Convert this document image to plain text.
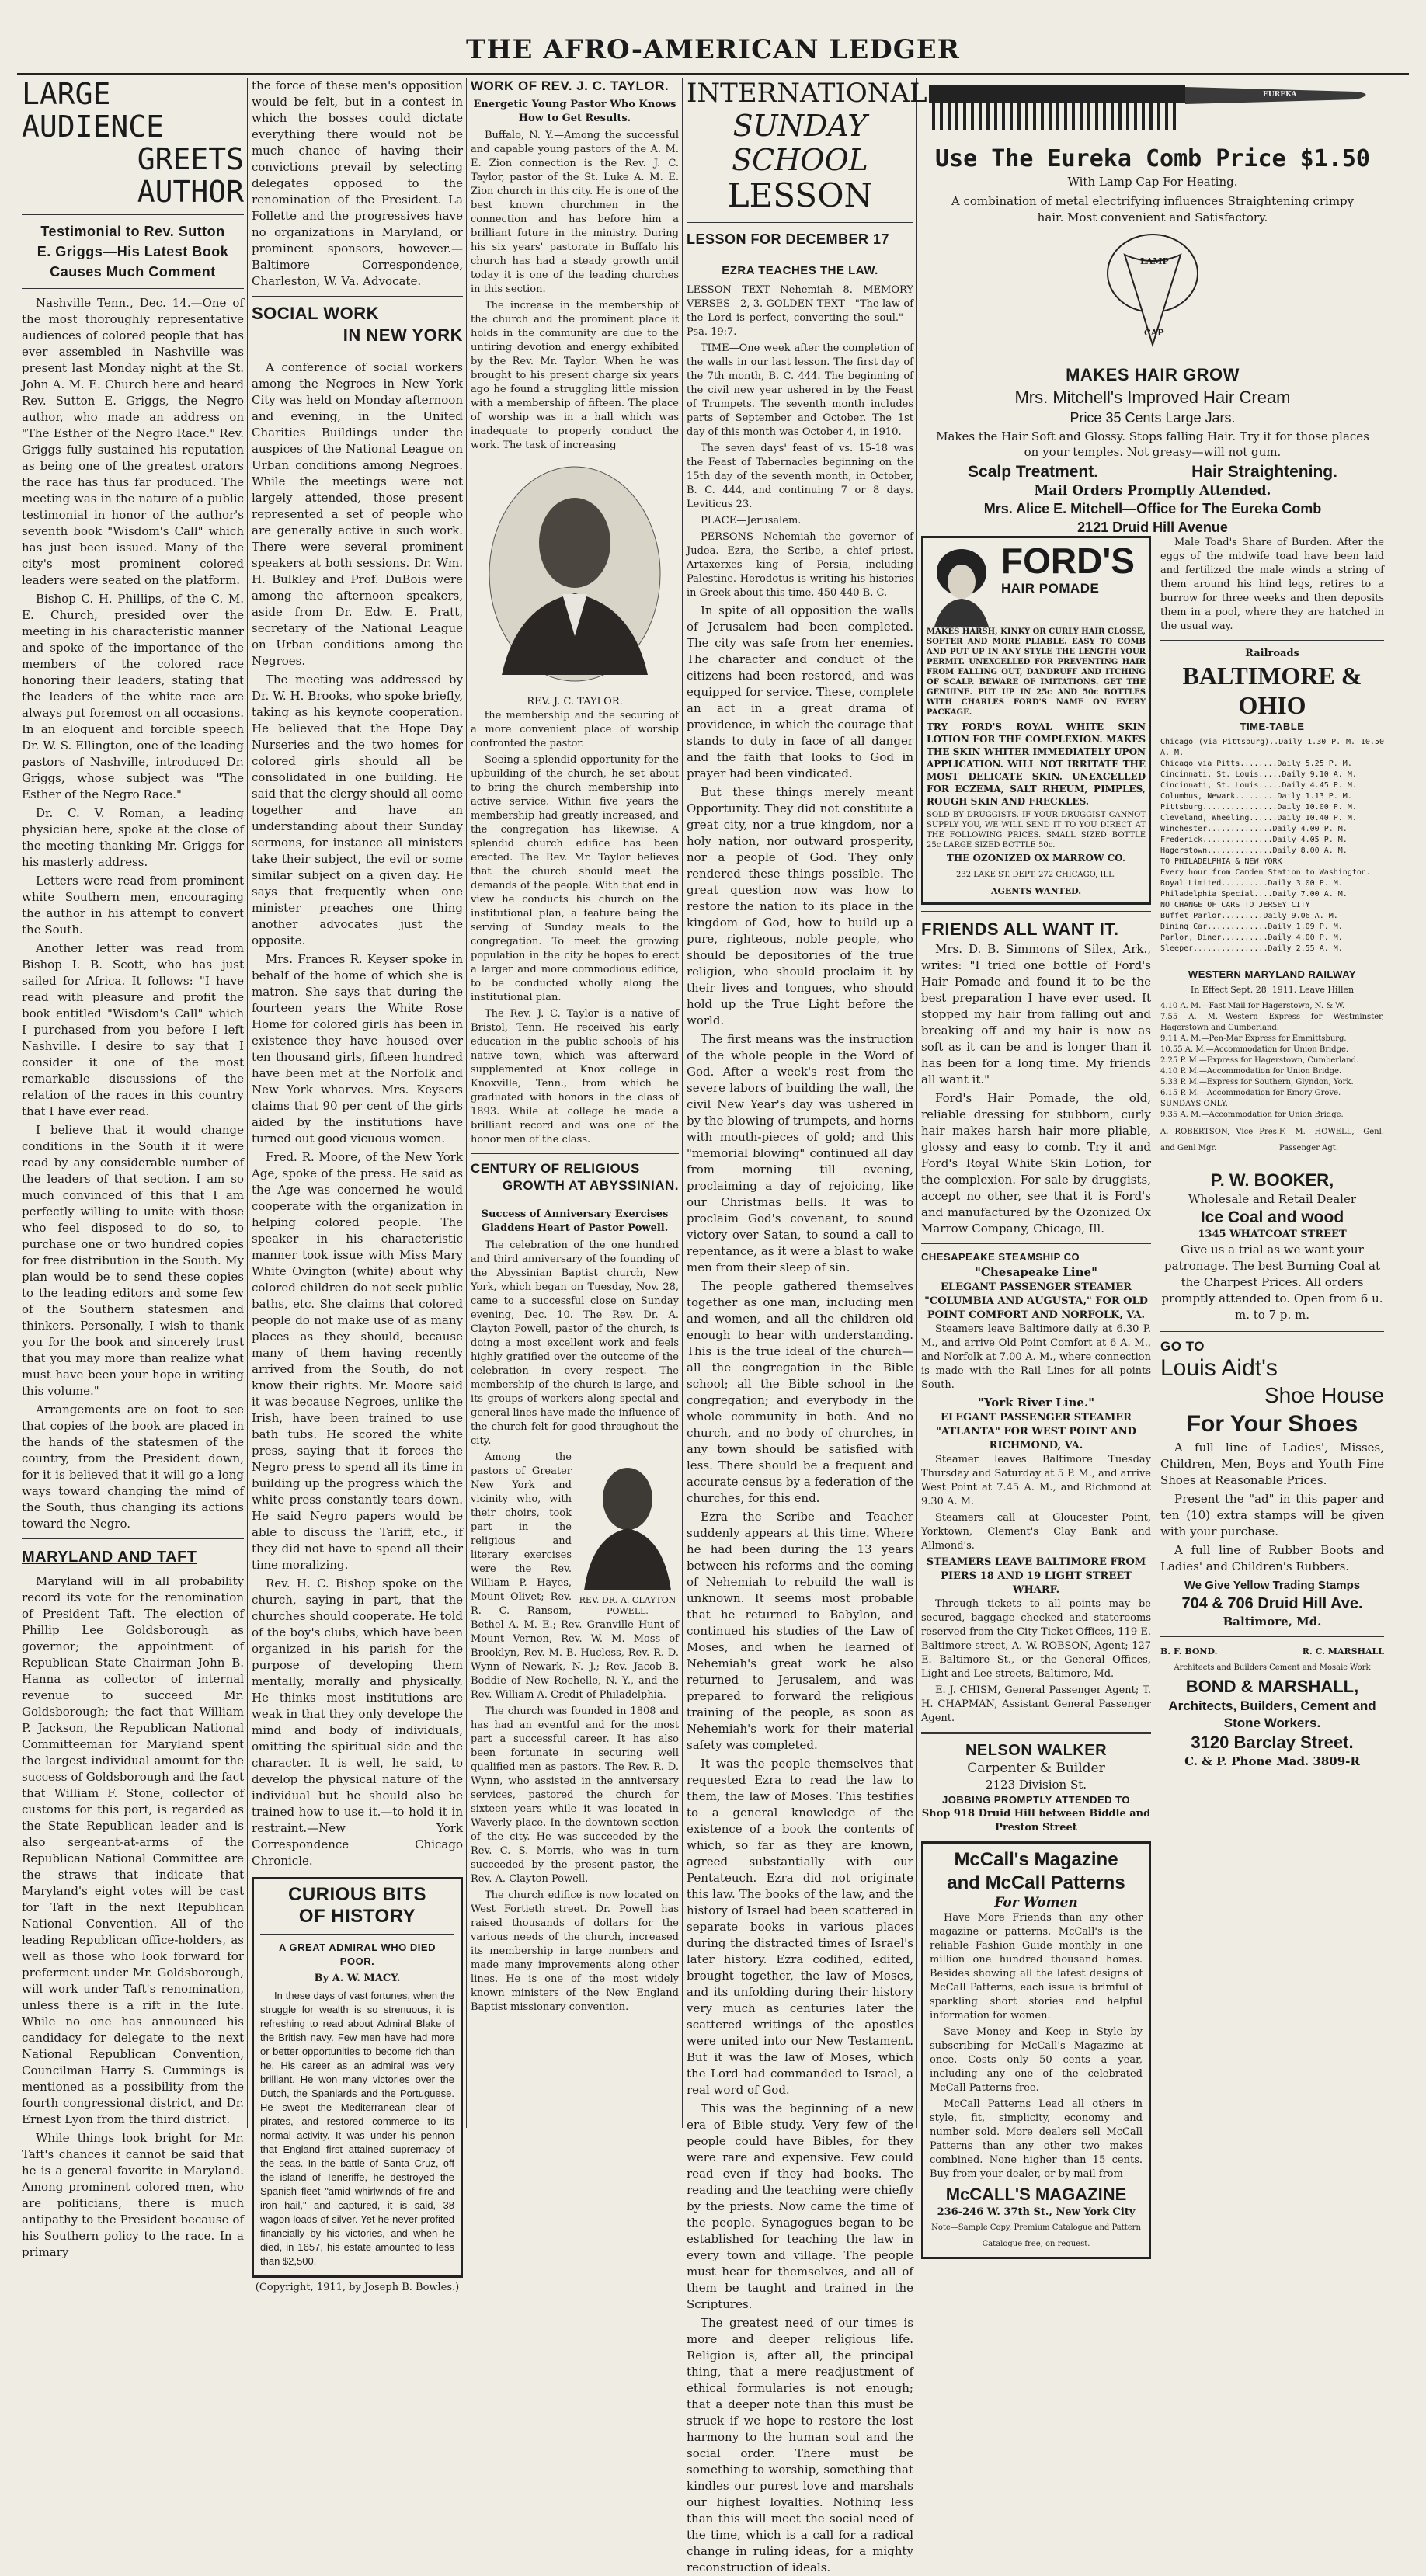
THE AFRO-AMERICAN LEDGER
LARGE AUDIENCE
GREETS AUTHOR
Testimonial to Rev. Sutton E. Griggs—His Latest Book Causes Much Comment

Nashville Tenn., Dec. 14.—One of the most thoroughly representative audiences of colored people that has ever assembled in Nashville was present last Monday night at the St. John A. M. E. Church here and heard Rev. Sutton E. Griggs, the Negro author, who made an address on "The Esther of the Negro Race." Rev. Griggs fully sustained his reputation as being one of the greatest orators the race has thus far produced. The meeting was in the nature of a public testimonial in honor of the author's seventh book "Wisdom's Call" which has just been issued. Many of the city's most prominent colored leaders were seated on the platform.

Bishop C. H. Phillips, of the C. M. E. Church, presided over the meeting in his characteristic manner and spoke of the importance of the members of the colored race honoring their leaders, stating that the leaders of the white race are always put foremost on all occasions. In an eloquent and forcible speech Dr. W. S. Ellington, one of the leading pastors of Nashville, introduced Dr. Griggs, whose subject was "The Esther of the Negro Race."

Dr. C. V. Roman, a leading physician here, spoke at the close of the meeting thanking Mr. Griggs for his masterly address.

Letters were read from prominent white Southern men, encouraging the author in his attempt to convert the South.

Another letter was read from Bishop I. B. Scott, who has just sailed for Africa. It follows: "I have read with pleasure and profit the book entitled "Wisdom's Call" which I purchased from you before I left Nashville. I desire to say that I consider it one of the most remarkable discussions of the relation of the races in this country that I have ever read.

I believe that it would change conditions in the South if it were read by any considerable number of the leaders of that section. I am so much convinced of this that I am perfectly willing to unite with those who feel disposed to do so, to purchase one or two hundred copies for free distribution in the South. My plan would be to send these copies to the leading editors and some few of the Southern statesmen and thinkers. Personally, I wish to thank you for the book and sincerely trust that you may more than realize what must have been your hope in writing this volume."

Arrangements are on foot to see that copies of the book are placed in the hands of the statesmen of the country, from the President down, for it is believed that it will go a long ways toward changing the mind of the South, thus changing its actions toward the Negro.

MARYLAND AND TAFT

Maryland will in all probability record its vote for the renomination of President Taft. The election of Phillip Lee Goldsborough as governor; the appointment of Republican State Chairman John B. Hanna as collector of internal revenue to succeed Mr. Goldsborough; the fact that William P. Jackson, the Republican National Committeeman for Maryland spent the largest individual amount for the success of Goldsborough and the fact that William F. Stone, collector of customs for this port, is regarded as the State Republican leader and is also sergeant-at-arms of the Republican National Committee are the straws that indicate that Maryland's eight votes will be cast for Taft in the next Republican National Convention. All of the leading Republican office-holders, as well as those who look forward for preferment under Mr. Goldsborough, will work under Taft's renomination, unless there is a rift in the lute. While no one has announced his candidacy for delegate to the next National Republican Convention, Councilman Harry S. Cummings is mentioned as a possibility from the fourth congressional district, and Dr. Ernest Lyon from the third district.

While things look bright for Mr. Taft's chances it cannot be said that he is a general favorite in Maryland. Among prominent colored men, who are politicians, there is much antipathy to the President because of his Southern policy to the race. In a primary

the force of these men's opposition would be felt, but in a contest in which the bosses could dictate everything there would not be much chance of having their convictions prevail by selecting delegates opposed to the renomination of the President. La Follette and the progressives have no organizations in Maryland, or prominent sponsors, however.—Baltimore Correspondence, Charleston, W. Va. Advocate.

SOCIAL WORK
IN NEW YORK

A conference of social workers among the Negroes in New York City was held on Monday afternoon and evening, in the United Charities Buildings under the auspices of the National League on Urban conditions among Negroes. While the meetings were not largely attended, those present represented a set of people who are generally active in such work. There were several prominent speakers at both sessions. Dr. Wm. H. Bulkley and Prof. DuBois were among the afternoon speakers, aside from Dr. Edw. E. Pratt, secretary of the National League on Urban conditions among the Negroes.

The meeting was addressed by Dr. W. H. Brooks, who spoke briefly, taking as his keynote cooperation. He believed that the Hope Day Nurseries and the two homes for colored girls should all be consolidated in one building. He said that the clergy should all come together and have an understanding about their Sunday sermons, for instance all ministers take their subject, the evil or some similar subject on a given day. He says that frequently when one minister preaches one thing another advocates just the opposite.

Mrs. Frances R. Keyser spoke in behalf of the home of which she is matron. She says that during the fourteen years the White Rose Home for colored girls has been in existence they have housed over ten thousand girls, fifteen hundred have been met at the Norfolk and New York wharves. Mrs. Keysers claims that 90 per cent of the girls aided by the institutions have turned out good vicuous women.

Fred. R. Moore, of the New York Age, spoke of the press. He said as the Age was concerned he would cooperate with the organization in helping colored people. The speaker in his characteristic manner took issue with Miss Mary White Ovington (white) about why colored children do not seek public baths, etc. She claims that colored people do not make use of as many places as they should, because many of them having recently arrived from the South, do not know their rights. Mr. Moore said it was because Negroes, unlike the Irish, have been trained to use bath tubs. He scored the white press, saying that it forces the Negro press to spend all its time in building up the progress which the white press constantly tears down. He said Negro papers would be able to discuss the Tariff, etc., if they did not have to spend all their time moralizing.

Rev. H. C. Bishop spoke on the church, saying in part, that the churches should cooperate. He told of the boy's clubs, which have been organized in his parish for the purpose of developing them mentally, morally and physically. He thinks most institutions are weak in that they only develope the mind and body of individuals, omitting the spiritual side and the character. It is well, he said, to develop the physical nature of the individual but he should also be trained how to use it.—to hold it in restraint.—New York Correspondence Chicago Chronicle.

CURIOUS BITS
OF HISTORY
A GREAT ADMIRAL WHO DIED POOR.
By A. W. MACY.

In these days of vast fortunes, when the struggle for wealth is so strenuous, it is refreshing to read about Admiral Blake of the British navy. Few men have had more or better opportunities to become rich than he. His career as an admiral was very brilliant. He won many victories over the Dutch, the Spaniards and the Portuguese. He swept the Mediterranean clear of pirates, and restored commerce to its normal activity. It was under his pennon that England first attained supremacy of the seas. In the battle of Santa Cruz, off the island of Teneriffe, he destroyed the Spanish fleet "amid whirlwinds of fire and iron hail," and captured, it is said, 38 wagon loads of silver. Yet he never profited financially by his victories, and when he died, in 1657, his estate amounted to less than $2,500.

(Copyright, 1911, by Joseph B. Bowles.)
WORK OF REV. J. C. TAYLOR.
Energetic Young Pastor Who Knows How to Get Results.

Buffalo, N. Y.—Among the successful and capable young pastors of the A. M. E. Zion connection is the Rev. J. C. Taylor, pastor of the St. Luke A. M. E. Zion church in this city. He is one of the best known churchmen in the connection and has before him a brilliant future in the ministry. During his six years' pastorate in Buffalo his church has had a steady growth until today it is one of the leading churches in this section.

The increase in the membership of the church and the prominent place it holds in the community are due to the untiring devotion and energy exhibited by the Rev. Mr. Taylor. When he was brought to his present charge six years ago he found a struggling little mission with a membership of fifteen. The place of worship was in a hall which was inadequate to properly conduct the work. The task of increasing

REV. J. C. TAYLOR.

the membership and the securing of a more convenient place of worship confronted the pastor.

Seeing a splendid opportunity for the upbuilding of the church, he set about to bring the church membership into active service. Within five years the membership had greatly increased, and the congregation has likewise. A splendid church edifice has been erected. The Rev. Mr. Taylor believes that the church should meet the demands of the people. With that end in view he conducts his church on the institutional plan, a feature being the serving of Sunday meals to the congregation. To meet the growing population in the city he hopes to erect a larger and more commodious edifice, to be conducted wholly along the institutional plan.

The Rev. J. C. Taylor is a native of Bristol, Tenn. He received his early education in the public schools of his native town, which was afterward supplemented at Knox college in Knoxville, Tenn., from which he graduated with honors in the class of 1893. While at college he made a brilliant record and was one of the honor men of the class.

CENTURY OF RELIGIOUS
GROWTH AT ABYSSINIAN.
Success of Anniversary Exercises Gladdens Heart of Pastor Powell.

The celebration of the one hundred and third anniversary of the founding of the Abyssinian Baptist church, New York, which began on Tuesday, Nov. 28, came to a successful close on Sunday evening, Dec. 10. The Rev. Dr. A. Clayton Powell, pastor of the church, is doing a most excellent work and feels highly gratified over the outcome of the celebration in every respect. The membership of the church is large, and its groups of workers along special and general lines have made the influence of the church felt for good throughout the city.

REV. DR. A. CLAYTON POWELL.

Among the pastors of Greater New York and vicinity who, with their choirs, took part in the religious and literary exercises were the Rev. William P. Hayes, Mount Olivet; Rev. R. C. Ransom, Bethel A. M. E.; Rev. Granville Hunt of Mount Vernon, Rev. W. M. Moss of Brooklyn, Rev. M. B. Hucless, Rev. R. D. Wynn of Newark, N. J.; Rev. Jacob B. Boddie of New Rochelle, N. Y., and the Rev. William A. Credit of Philadelphia.

The church was founded in 1808 and has had an eventful and for the most part a successful career. It has also been fortunate in securing well qualified men as pastors. The Rev. R. D. Wynn, who assisted in the anniversary services, pastored the church for sixteen years while it was located in Waverly place. In the downtown section of the city. He was succeeded by the Rev. C. S. Morris, who was in turn succeeded by the present pastor, the Rev. A. Clayton Powell.

The church edifice is now located on West Fortieth street. Dr. Powell has raised thousands of dollars for the various needs of the church, increased its membership in large numbers and made many improvements along other lines. He is one of the most widely known ministers of the New England Baptist missionary convention.

INTERNATIONAL
SUNDAY SCHOOL
LESSON
LESSON FOR DECEMBER 17
EZRA TEACHES THE LAW.

LESSON TEXT—Nehemiah 8. MEMORY VERSES—2, 3. GOLDEN TEXT—"The law of the Lord is perfect, converting the soul."—Psa. 19:7.

TIME—One week after the completion of the walls in our last lesson. The first day of the 7th month, B. C. 444. The beginning of the civil new year ushered in by the Feast of Trumpets. The seventh month includes parts of September and October. The 1st day of this month was October 4, in 1910.

The seven days' feast of vs. 15-18 was the Feast of Tabernacles beginning on the 15th day of the seventh month, in October, B. C. 444, and continuing 7 or 8 days. Leviticus 23.

PLACE—Jerusalem.

PERSONS—Nehemiah the governor of Judea. Ezra, the Scribe, a chief priest. Artaxerxes king of Persia, including Palestine. Herodotus is writing his histories in Greek about this time. 450-440 B. C.

In spite of all opposition the walls of Jerusalem had been completed. The city was safe from her enemies. The character and conduct of the citizens had been restored, and was equipped for service. These, complete an act in a great drama of providence, in which the courage that stands to duty in face of all danger and the faith that looks to God in prayer had been vindicated.

But these things merely meant Opportunity. They did not constitute a great city, nor a true kingdom, nor a holy nation, nor outward prosperity, nor a people of God. They only rendered these things possible. The great question now was how to restore the nation to its place in the kingdom of God, how to build up a pure, righteous, noble people, who should be depositories of the true religion, who should proclaim it by their lives and tongues, who should hold up the True Light before the world.

The first means was the instruction of the whole people in the Word of God. After a week's rest from the severe labors of building the wall, the civil New Year's day was ushered in by the blowing of trumpets, and horns with mouth-pieces of gold; and this "memorial blowing" continued all day from morning till evening, proclaiming a day of rejoicing, like our Christmas bells. It was to proclaim God's covenant, to sound victory over Satan, to sound a call to repentance, as it were a blast to wake men from their sleep of sin.

The people gathered themselves together as one man, including men and women, and all the children old enough to hear with understanding. This is the true ideal of the church—all the congregation in the Bible school; all the Bible school in the congregation; and everybody in the whole community in both. And no church, and no body of churches, in any town should be satisfied with less. There should be a frequent and accurate census by a federation of the churches, for this end.

Ezra the Scribe and Teacher suddenly appears at this time. Where he had been during the 13 years between his reforms and the coming of Nehemiah to rebuild the wall is unknown. It seems most probable that he returned to Babylon, and continued his studies of the Law of Moses, and when he learned of Nehemiah's great work he also returned to Jerusalem, and was prepared to forward the religious training of the people, as soon as Nehemiah's work for their material safety was completed.

It was the people themselves that requested Ezra to read the law to them, the law of Moses. This testifies to a general knowledge of the existence of a book the contents of which, so far as they are known, agreed substantially with our Pentateuch. Ezra did not originate this law. The books of the law, and the history of Israel had been scattered in separate books in various places during the distracted times of Israel's later history. Ezra codified, edited, brought together, the law of Moses, and its unfolding during their history very much as centuries later the scattered writings of the apostles were united into our New Testament. But it was the law of Moses, which the Lord had commanded to Israel, a real word of God.

This was the beginning of a new era of Bible study. Very few of the people could have Bibles, for they were rare and expensive. Few could read even if they had books. The reading and the teaching were chiefly by the priests. Now came the time of the people. Synagogues began to be established for teaching the law in every town and village. The people must hear for themselves, and all of them be taught and trained in the Scriptures.

The greatest need of our times is more and deeper religious life. Religion is, after all, the principal thing, that a mere readjustment of ethical formularies is not enough; that a deeper note than this must be struck if we hope to restore the lost harmony to the human soul and the social order. There must be something to worship, something that kindles our purest love and marshals our highest loyalties. Nothing less than this will meet the social need of the time, which is a call for a radical change in ruling ideas, for a mighty reconstruction of ideals.

EUREKA
Use The Eureka Comb Price $1.50
With Lamp Cap For Heating.
A combination of metal electrifying influences Straightening crimpy hair. Most convenient and Satisfactory.
LAMP
CAP
MAKES HAIR GROW
Mrs. Mitchell's Improved Hair Cream
Price 35 Cents Large Jars.
Makes the Hair Soft and Glossy. Stops falling Hair. Try it for those places on your temples. Not greasy—will not gum.
Scalp Treatment.	Hair Straightening.
Mail Orders Promptly Attended.
Mrs. Alice E. Mitchell—Office for The Eureka Comb
2121 Druid Hill Avenue
FORD'S
HAIR POMADE
MAKES HARSH, KINKY OR CURLY HAIR CLOSSE, SOFTER AND MORE PLIABLE. EASY TO COMB AND PUT UP IN ANY STYLE THE LENGTH YOUR PERMIT. UNEXCELLED FOR PREVENTING HAIR FROM FALLING OUT, DANDRUFF AND ITCHING OF SCALP. BEWARE OF IMITATIONS. GET THE GENUINE. PUT UP IN 25c AND 50c BOTTLES WITH CHARLES FORD'S NAME ON EVERY PACKAGE.
TRY FORD'S ROYAL WHITE SKIN LOTION FOR THE COMPLEXION. MAKES THE SKIN WHITER IMMEDIATELY UPON APPLICATION. WILL NOT IRRITATE THE MOST DELICATE SKIN. UNEXCELLED FOR ECZEMA, SALT RHEUM, PIMPLES, ROUGH SKIN AND FRECKLES.
SOLD BY DRUGGISTS. IF YOUR DRUGGIST CANNOT SUPPLY YOU, WE WILL SEND IT TO YOU DIRECT AT THE FOLLOWING PRICES. SMALL SIZED BOTTLE 25c LARGE SIZED BOTTLE 50c.
THE OZONIZED OX MARROW CO.
232 LAKE ST. DEPT. 272 CHICAGO, ILL.
AGENTS WANTED.
FRIENDS ALL WANT IT.

Mrs. D. B. Simmons of Silex, Ark., writes: "I tried one bottle of Ford's Hair Pomade and found it to be the best preparation I have ever used. It stopped my hair from falling out and breaking off and my hair is now as soft as it can be and is longer than it has been for a long time. My friends all want it."

Ford's Hair Pomade, the old, reliable dressing for stubborn, curly hair makes harsh hair more pliable, glossy and easy to comb. Try it and Ford's Royal White Skin Lotion, for the complexion. For sale by druggists, accept no other, see that it is Ford's and manufactured by the Ozonized Ox Marrow Company, Chicago, Ill.

CHESAPEAKE STEAMSHIP CO
"Chesapeake Line"
ELEGANT PASSENGER STEAMER "COLUMBIA AND AUGUSTA," FOR OLD POINT COMFORT AND NORFOLK, VA.

Steamers leave Baltimore daily at 6.30 P. M., and arrive Old Point Comfort at 6 A. M., and Norfolk at 7.00 A. M., where connection is made with the Rail Lines for all points South.

"York River Line."
ELEGANT PASSENGER STEAMER "ATLANTA" FOR WEST POINT AND RICHMOND, VA.

Steamer leaves Baltimore Tuesday Thursday and Saturday at 5 P. M., and arrive West Point at 7.45 A. M., and Richmond at 9.30 A. M.

Steamers call at Gloucester Point, Yorktown, Clement's Clay Bank and Allmond's.

STEAMERS LEAVE BALTIMORE FROM PIERS 18 AND 19 LIGHT STREET WHARF.

Through tickets to all points may be secured, baggage checked and staterooms reserved from the City Ticket Offices, 119 E. Baltimore street, A. W. ROBSON, Agent; 127 E. Baltimore St., or the General Offices, Light and Lee streets, Baltimore, Md.

E. J. CHISM, General Passenger Agent; T. H. CHAPMAN, Assistant General Passenger Agent.

NELSON WALKER
Carpenter & Builder
2123 Division St.
JOBBING PROMPTLY ATTENDED TO
Shop 918 Druid Hill between Biddle and Preston Street
McCall's Magazine
and McCall Patterns
For Women

Have More Friends than any other magazine or patterns. McCall's is the reliable Fashion Guide monthly in one million one hundred thousand homes. Besides showing all the latest designs of McCall Patterns, each issue is brimful of sparkling short stories and helpful information for women.

Save Money and Keep in Style by subscribing for McCall's Magazine at once. Costs only 50 cents a year, including any one of the celebrated McCall Patterns free.

McCall Patterns Lead all others in style, fit, simplicity, economy and number sold. More dealers sell McCall Patterns than any other two makes combined. None higher than 15 cents. Buy from your dealer, or by mail from

McCALL'S MAGAZINE
236-246 W. 37th St., New York City
Note—Sample Copy, Premium Catalogue and Pattern Catalogue free, on request.

Male Toad's Share of Burden. After the eggs of the midwife toad have been laid and fertilized the male winds a string of them around his hind legs, retires to a burrow for three weeks and then deposits them in a pool, where they are hatched in the usual way.

Railroads
BALTIMORE & OHIO
TIME-TABLE
Chicago (via Pittsburg)..Daily 1.30 P. M. 10.50 A. M.
Chicago via Pitts........Daily 5.25 P. M.
Cincinnati, St. Louis.....Daily 9.10 A. M.
Cincinnati, St. Louis.....Daily 4.45 P. M.
Columbus, Newark.........Daily 1.13 P. M.
Pittsburg................Daily 10.00 P. M.
Cleveland, Wheeling......Daily 10.40 P. M.
Winchester..............Daily 4.00 P. M.
Frederick...............Daily 4.05 P. M.
Hagerstown..............Daily 8.00 A. M.
TO PHILADELPHIA & NEW YORK
Every hour from Camden Station to Washington.
Royal Limited..........Daily 3.00 P. M.
Philadelphia Special....Daily 7.00 A. M.
NO CHANGE OF CARS TO JERSEY CITY
Buffet Parlor.........Daily 9.06 A. M.
Dining Car.............Daily 1.09 P. M.
Parlor, Diner..........Daily 4.00 P. M.
Sleeper................Daily 2.55 A. M.
WESTERN MARYLAND RAILWAY
In Effect Sept. 28, 1911. Leave Hillen
4.10 A. M.—Fast Mail for Hagerstown, N. & W.
7.55 A. M.—Western Express for Westminster, Hagerstown and Cumberland.
9.11 A. M.—Pen-Mar Express for Emmittsburg.
10.55 A. M.—Accommodation for Union Bridge.
2.25 P. M.—Express for Hagerstown, Cumberland.
4.10 P. M.—Accommodation for Union Bridge.
5.33 P. M.—Express for Southern, Glyndon, York.
6.15 P. M.—Accommodation for Emory Grove.
SUNDAYS ONLY.
9.35 A. M.—Accommodation for Union Bridge.
A. ROBERTSON, Vice Pres. and Genl Mgr.
F. M. HOWELL, Genl. Passenger Agt.
P. W. BOOKER,
Wholesale and Retail Dealer
Ice Coal and wood
1345 WHATCOAT STREET
Give us a trial as we want your patronage. The best Burning Coal at the Charpest Prices. All orders promptly attended to. Open from 6 u. m. to 7 p. m.
GO TO
Louis Aidt's
Shoe House
For Your Shoes

A full line of Ladies', Misses, Children, Men, Boys and Youth Fine Shoes at Reasonable Prices.

Present the "ad" in this paper and ten (10) extra stamps will be given with your purchase.

A full line of Rubber Boots and Ladies' and Children's Rubbers.

We Give Yellow Trading Stamps
704 & 706 Druid Hill Ave.
Baltimore, Md.
B. F. BOND.	R. C. MARSHALL
Architects and Builders Cement and Mosaic Work
BOND & MARSHALL,
Architects, Builders, Cement and Stone Workers.
3120 Barclay Street.
C. & P. Phone Mad. 3809-R
